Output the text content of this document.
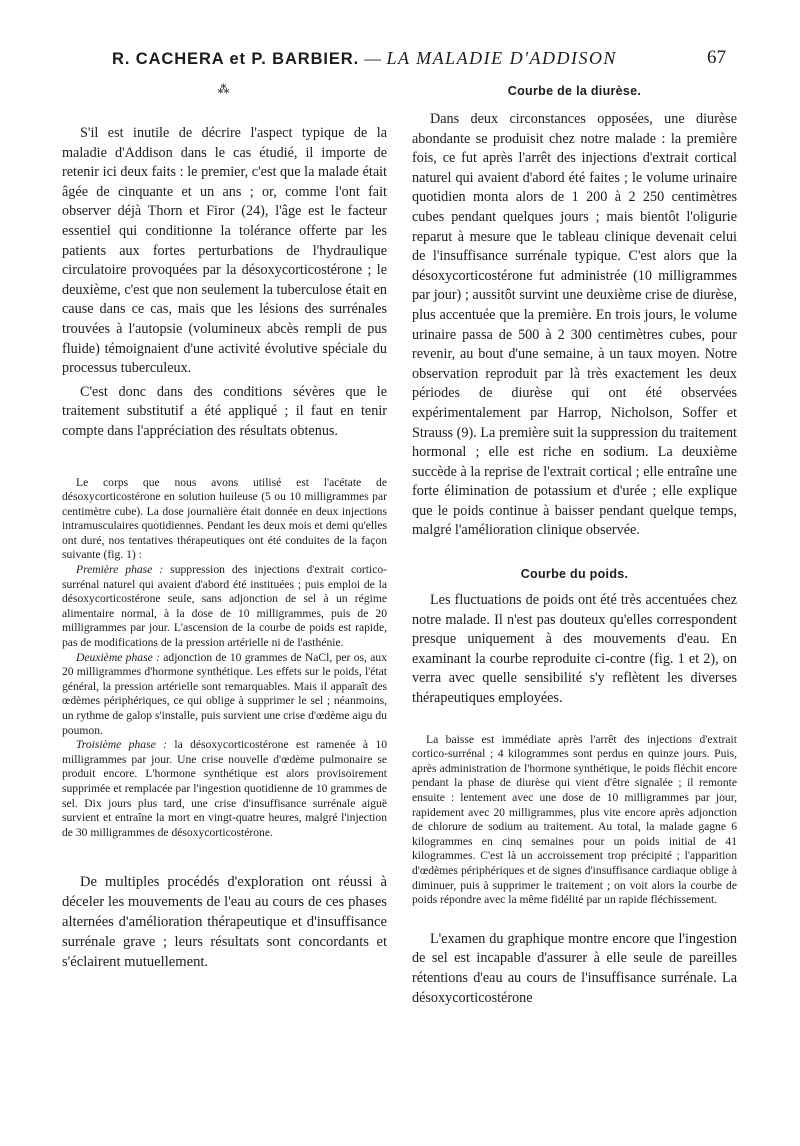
R. CACHERA et P. BARBIER. — LA MALADIE D'ADDISON	67
⁂

S'il est inutile de décrire l'aspect typique de la maladie d'Addison dans le cas étudié, il importe de retenir ici deux faits : le premier, c'est que la malade était âgée de cinquante et un ans ; or, comme l'ont fait observer déjà Thorn et Firor (24), l'âge est le facteur essentiel qui conditionne la tolérance offerte par les patients aux fortes perturbations de l'hydraulique circulatoire provoquées par la désoxycorticostérone ; le deuxième, c'est que non seulement la tuberculose était en cause dans ce cas, mais que les lésions des surrénales trouvées à l'autopsie (volumineux abcès rempli de pus fluide) témoignaient d'une activité évolutive spéciale du processus tuberculeux.

C'est donc dans des conditions sévères que le traitement substitutif a été appliqué ; il faut en tenir compte dans l'appréciation des résultats obtenus.

Le corps que nous avons utilisé est l'acétate de désoxycorticostérone en solution huileuse (5 ou 10 milligrammes par centimètre cube). La dose journalière était donnée en deux injections intramusculaires quotidiennes. Pendant les deux mois et demi qu'elles ont duré, nos tentatives thérapeutiques ont été conduites de la façon suivante (fig. 1) :

Première phase : suppression des injections d'extrait cortico-surrénal naturel qui avaient d'abord été instituées ; puis emploi de la désoxycorticostérone seule, sans adjonction de sel à un régime alimentaire normal, à la dose de 10 milligrammes, puis de 20 milligrammes par jour. L'ascension de la courbe de poids est rapide, pas de modifications de la pression artérielle ni de l'asthénie.

Deuxième phase : adjonction de 10 grammes de NaCl, per os, aux 20 milligrammes d'hormone synthétique. Les effets sur le poids, l'état général, la pression artérielle sont remarquables. Mais il apparaît des œdèmes périphériques, ce qui oblige à supprimer le sel ; néanmoins, un rythme de galop s'installe, puis survient une crise d'œdème aigu du poumon.

Troisième phase : la désoxycorticostérone est ramenée à 10 milligrammes par jour. Une crise nouvelle d'œdème pulmonaire se produit encore. L'hormone synthétique est alors provisoirement supprimée et remplacée par l'ingestion quotidienne de 10 grammes de sel. Dix jours plus tard, une crise d'insuffisance surrénale aiguë survient et entraîne la mort en vingt-quatre heures, malgré l'injection de 30 milligrammes de désoxycorticostérone.

De multiples procédés d'exploration ont réussi à déceler les mouvements de l'eau au cours de ces phases alternées d'amélioration thérapeutique et d'insuffisance surrénale grave ; leurs résultats sont concordants et s'éclairent mutuellement.

Courbe de la diurèse.

Dans deux circonstances opposées, une diurèse abondante se produisit chez notre malade : la première fois, ce fut après l'arrêt des injections d'extrait cortical naturel qui avaient d'abord été faites ; le volume urinaire quotidien monta alors de 1 200 à 2 250 centimètres cubes pendant quelques jours ; mais bientôt l'oligurie reparut à mesure que le tableau clinique devenait celui de l'insuffisance surrénale typique. C'est alors que la désoxycorticostérone fut administrée (10 milligrammes par jour) ; aussitôt survint une deuxième crise de diurèse, plus accentuée que la première. En trois jours, le volume urinaire passa de 500 à 2 300 centimètres cubes, pour revenir, au bout d'une semaine, à un taux moyen. Notre observation reproduit par là très exactement les deux périodes de diurèse qui ont été observées expérimentalement par Harrop, Nicholson, Soffer et Strauss (9). La première suit la suppression du traitement hormonal ; elle est riche en sodium. La deuxième succède à la reprise de l'extrait cortical ; elle entraîne une forte élimination de potassium et d'urée ; elle explique que le poids continue à baisser pendant quelque temps, malgré l'amélioration clinique observée.

Courbe du poids.

Les fluctuations de poids ont été très accentuées chez notre malade. Il n'est pas douteux qu'elles correspondent presque uniquement à des mouvements d'eau. En examinant la courbe reproduite ci-contre (fig. 1 et 2), on verra avec quelle sensibilité s'y reflètent les diverses thérapeutiques employées.

La baisse est immédiate après l'arrêt des injections d'extrait cortico-surrénal ; 4 kilogrammes sont perdus en quinze jours. Puis, après administration de l'hormone synthétique, le poids fléchit encore pendant la phase de diurèse qui vient d'être signalée ; il remonte ensuite : lentement avec une dose de 10 milligrammes par jour, rapidement avec 20 milligrammes, plus vite encore après adjonction de chlorure de sodium au traitement. Au total, la malade gagne 6 kilogrammes en cinq semaines pour un poids initial de 41 kilogrammes. C'est là un accroissement trop précipité ; l'apparition d'œdèmes périphériques et de signes d'insuffisance cardiaque oblige à diminuer, puis à supprimer le traitement ; on voit alors la courbe de poids répondre avec la même fidélité par un rapide fléchissement.

L'examen du graphique montre encore que l'ingestion de sel est incapable d'assurer à elle seule de pareilles rétentions d'eau au cours de l'insuffisance surrénale. La désoxycorticostérone
